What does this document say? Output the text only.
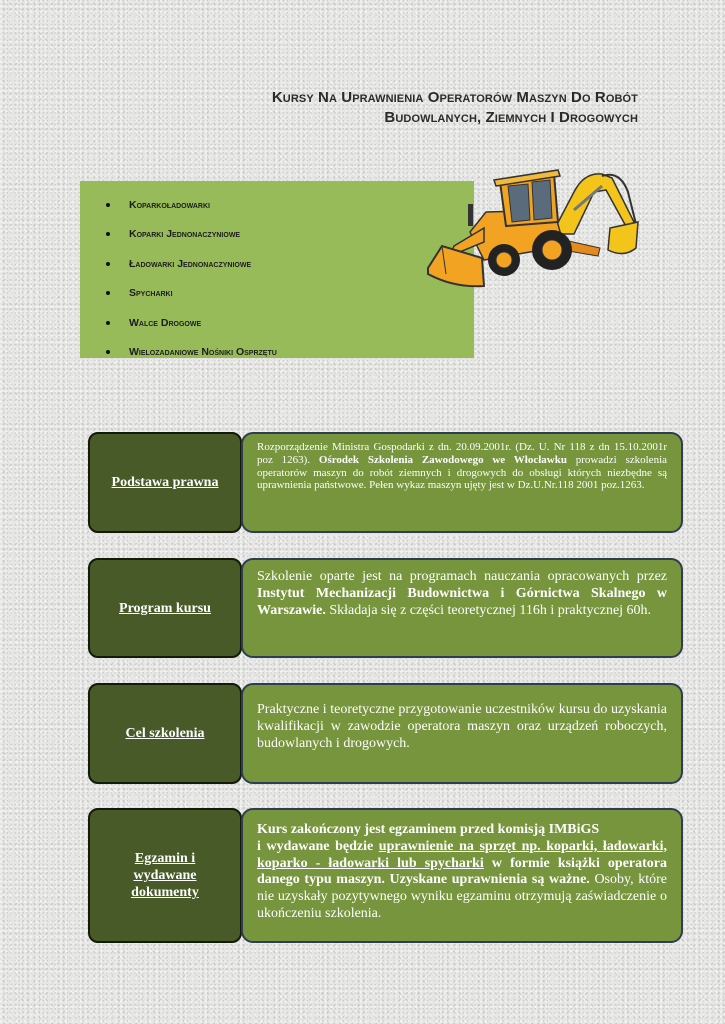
Kursy Na Uprawnienia Operatorów Maszyn Do Robót
Budowlanych, Ziemnych I Drogowych
Koparkoładowarki
Koparki Jednonaczyniowe
Ładowarki Jednonaczyniowe
Spycharki
Walce Drogowe
Wielozadaniowe Nośniki Osprzętu
Podstawa prawna
Rozporządzenie Ministra Gospodarki z dn. 20.09.2001r. (Dz. U. Nr 118 z dn 15.10.2001r poz 1263). Ośrodek Szkolenia Zawodowego we Włocławku prowadzi szkolenia operatorów maszyn do robót ziemnych i drogowych do obsługi których niezbędne są uprawnienia państwowe. Pełen wykaz maszyn ujęty jest w Dz.U.Nr.118 2001 poz.1263.
Program kursu
Szkolenie oparte jest na programach nauczania opracowanych przez Instytut Mechanizacji Budownictwa i Górnictwa Skalnego w Warszawie. Składaja się z części teoretycznej 116h i praktycznej 60h.
Cel szkolenia
Praktyczne i teoretyczne przygotowanie uczestników kursu do uzyskania kwalifikacji w zawodzie operatora maszyn oraz urządzeń roboczych, budowlanych i drogowych.
Egzamin i
wydawane
dokumenty
Kurs zakończony jest egzaminem przed komisją IMBiGS
i wydawane będzie uprawnienie na sprzęt np. koparki, ładowarki, koparko - ładowarki lub spycharki w formie książki operatora danego typu maszyn. Uzyskane uprawnienia są ważne. Osoby, które nie uzyskały pozytywnego wyniku egzaminu otrzymują zaświadczenie o ukończeniu szkolenia.
